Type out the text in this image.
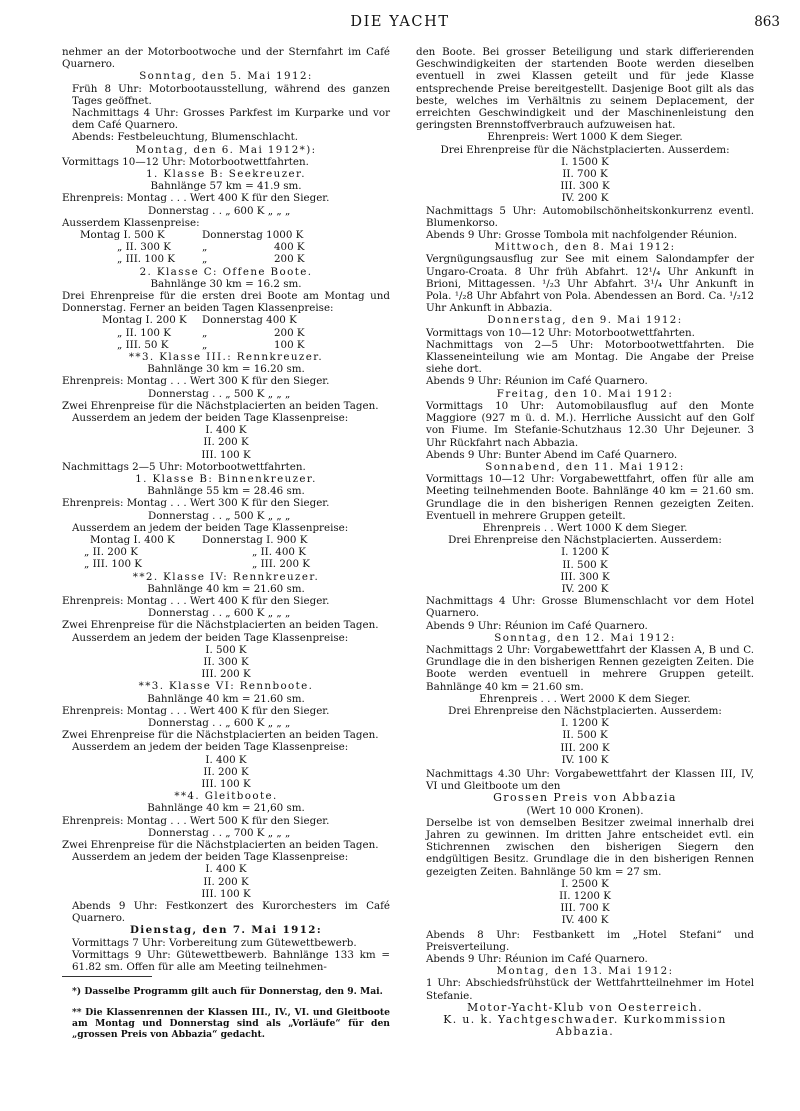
DIE YACHT	863

nehmer an der Motorbootwoche und der Sternfahrt im Café Quarnero.

Sonntag, den 5. Mai 1912:

Früh 8 Uhr: Motorbootausstellung, während des ganzen Tages geöffnet.

Nachmittags 4 Uhr: Grosses Parkfest im Kurparke und vor dem Café Quarnero.

Abends: Festbeleuchtung, Blumenschlacht.

Montag, den 6. Mai 1912*):

Vormittags 10—12 Uhr: Motorbootwettfahrten.

1. Klasse B: Seekreuzer.

Bahnlänge 57 km = 41.9 sm.

Ehrenpreis: Montag . . . Wert 400 K für den Sieger.

Donnerstag . . „ 600 K „ „ „

Ausserdem Klassenpreise:

Montag I. 500 K	Donnerstag 1000 K
„ II. 300 K	„	400 K
„ III. 100 K	„	200 K

2. Klasse C: Offene Boote.

Bahnlänge 30 km = 16.2 sm.

Drei Ehrenpreise für die ersten drei Boote am Montag und Donnerstag. Ferner an beiden Tagen Klassenpreise:

Montag I. 200 K Donnerstag 400 K
„ II. 100 K	„	200 K
„ III. 50 K	„	100 K

**3. Klasse III.: Rennkreuzer.

Bahnlänge 30 km = 16.20 sm.

Ehrenpreis: Montag . . . Wert 300 K für den Sieger.

Donnerstag . . „ 500 K „ „ „

Zwei Ehrenpreise für die Nächstplacierten an beiden Tagen.

Ausserdem an jedem der beiden Tage Klassenpreise:

I. 400 K

II. 200 K

III. 100 K

Nachmittags 2—5 Uhr: Motorbootwettfahrten.

1. Klasse B: Binnenkreuzer.

Bahnlänge 55 km = 28.46 sm.

Ehrenpreis: Montag . . . Wert 300 K für den Sieger.

Donnerstag . . „ 500 K „ „ „

Ausserdem an jedem der beiden Tage Klassenpreise:

Montag I. 400 K	Donnerstag I. 900 K
„ II. 200 K	„ II. 400 K
„ III. 100 K	„ III. 200 K

**2. Klasse IV: Rennkreuzer.

Bahnlänge 40 km = 21.60 sm.

Ehrenpreis: Montag . . . Wert 400 K für den Sieger.

Donnerstag . . „ 600 K „ „ „

Zwei Ehrenpreise für die Nächstplacierten an beiden Tagen.

Ausserdem an jedem der beiden Tage Klassenpreise:

I. 500 K

II. 300 K

III. 200 K

**3. Klasse VI: Rennboote.

Bahnlänge 40 km = 21.60 sm.

Ehrenpreis: Montag . . . Wert 400 K für den Sieger.

Donnerstag . . „ 600 K „ „ „

Zwei Ehrenpreise für die Nächstplacierten an beiden Tagen.

Ausserdem an jedem der beiden Tage Klassenpreise:

I. 400 K

II. 200 K

III. 100 K

**4. Gleitboote.

Bahnlänge 40 km = 21,60 sm.

Ehrenpreis: Montag . . . Wert 500 K für den Sieger.

Donnerstag . . „ 700 K „ „ „

Zwei Ehrenpreise für die Nächstplacierten an beiden Tagen.

Ausserdem an jedem der beiden Tage Klassenpreise:

I. 400 K

II. 200 K

III. 100 K

Abends 9 Uhr: Festkonzert des Kurorchesters im Café Quarnero.

Dienstag, den 7. Mai 1912:

Vormittags 7 Uhr: Vorbereitung zum Gütewettbewerb.

Vormittags 9 Uhr: Gütewettbewerb. Bahnlänge 133 km = 61.82 sm. Offen für alle am Meeting teilnehmen-

*) Dasselbe Programm gilt auch für Donnerstag, den 9. Mai.

** Die Klassenrennen der Klassen III., IV., VI. und Gleitboote am Montag und Donnerstag sind als „Vorläufe“ für den „grossen Preis von Abbazia“ gedacht.

den Boote. Bei grosser Beteiligung und stark differierenden Geschwindigkeiten der startenden Boote werden dieselben eventuell in zwei Klassen geteilt und für jede Klasse entsprechende Preise bereitgestellt. Dasjenige Boot gilt als das beste, welches im Verhältnis zu seinem Deplacement, der erreichten Geschwindigkeit und der Maschinenleistung den geringsten Brennstoffverbrauch aufzuweisen hat.

Ehrenpreis: Wert 1000 K dem Sieger.

Drei Ehrenpreise für die Nächstplacierten. Ausserdem:

I. 1500 K

II. 700 K

III. 300 K

IV. 200 K

Nachmittags 5 Uhr: Automobilschönheitskonkurrenz eventl. Blumenkorso.

Abends 9 Uhr: Grosse Tombola mit nachfolgender Réunion.

Mittwoch, den 8. Mai 1912:

Vergnügungsausflug zur See mit einem Salondampfer der Ungaro-Croata. 8 Uhr früh Abfahrt. 12¹/₄ Uhr Ankunft in Brioni, Mittagessen. ¹/₂3 Uhr Abfahrt. 3¹/₄ Uhr Ankunft in Pola. ¹/₂8 Uhr Abfahrt von Pola. Abendessen an Bord. Ca. ¹/₂12 Uhr Ankunft in Abbazia.

Donnerstag, den 9. Mai 1912:

Vormittags von 10—12 Uhr: Motorbootwettfahrten.

Nachmittags von 2—5 Uhr: Motorbootwettfahrten. Die Klasseneinteilung wie am Montag. Die Angabe der Preise siehe dort.

Abends 9 Uhr: Réunion im Café Quarnero.

Freitag, den 10. Mai 1912:

Vormittags 10 Uhr: Automobilausflug auf den Monte Maggiore (927 m ü. d. M.). Herrliche Aussicht auf den Golf von Fiume. Im Stefanie-Schutzhaus 12.30 Uhr Dejeuner. 3 Uhr Rückfahrt nach Abbazia.

Abends 9 Uhr: Bunter Abend im Café Quarnero.

Sonnabend, den 11. Mai 1912:

Vormittags 10—12 Uhr: Vorgabewettfahrt, offen für alle am Meeting teilnehmenden Boote. Bahnlänge 40 km = 21.60 sm. Grundlage die in den bisherigen Rennen gezeigten Zeiten. Eventuell in mehrere Gruppen geteilt.

Ehrenpreis . . Wert 1000 K dem Sieger.

Drei Ehrenpreise den Nächstplacierten. Ausserdem:

I. 1200 K

II. 500 K

III. 300 K

IV. 200 K

Nachmittags 4 Uhr: Grosse Blumenschlacht vor dem Hotel Quarnero.

Abends 9 Uhr: Réunion im Café Quarnero.

Sonntag, den 12. Mai 1912:

Nachmittags 2 Uhr: Vorgabewettfahrt der Klassen A, B und C. Grundlage die in den bisherigen Rennen gezeigten Zeiten. Die Boote werden eventuell in mehrere Gruppen geteilt. Bahnlänge 40 km = 21.60 sm.

Ehrenpreis . . . Wert 2000 K dem Sieger.

Drei Ehrenpreise den Nächstplacierten. Ausserdem:

I. 1200 K

II. 500 K

III. 200 K

IV. 100 K

Nachmittags 4.30 Uhr: Vorgabewettfahrt der Klassen III, IV, VI und Gleitboote um den

Grossen Preis von Abbazia

(Wert 10 000 Kronen).

Derselbe ist von demselben Besitzer zweimal innerhalb drei Jahren zu gewinnen. Im dritten Jahre entscheidet evtl. ein Stichrennen zwischen den bisherigen Siegern den endgültigen Besitz. Grundlage die in den bisherigen Rennen gezeigten Zeiten. Bahnlänge 50 km = 27 sm.

I. 2500 K

II. 1200 K

III. 700 K

IV. 400 K

Abends 8 Uhr: Festbankett im „Hotel Stefani“ und Preisverteilung.

Abends 9 Uhr: Réunion im Café Quarnero.

Montag, den 13. Mai 1912:

1 Uhr: Abschiedsfrühstück der Wettfahrtteilnehmer im Hotel Stefanie.

Motor-Yacht-Klub von Oesterreich.

K. u. k. Yachtgeschwader. Kurkommission Abbazia.
